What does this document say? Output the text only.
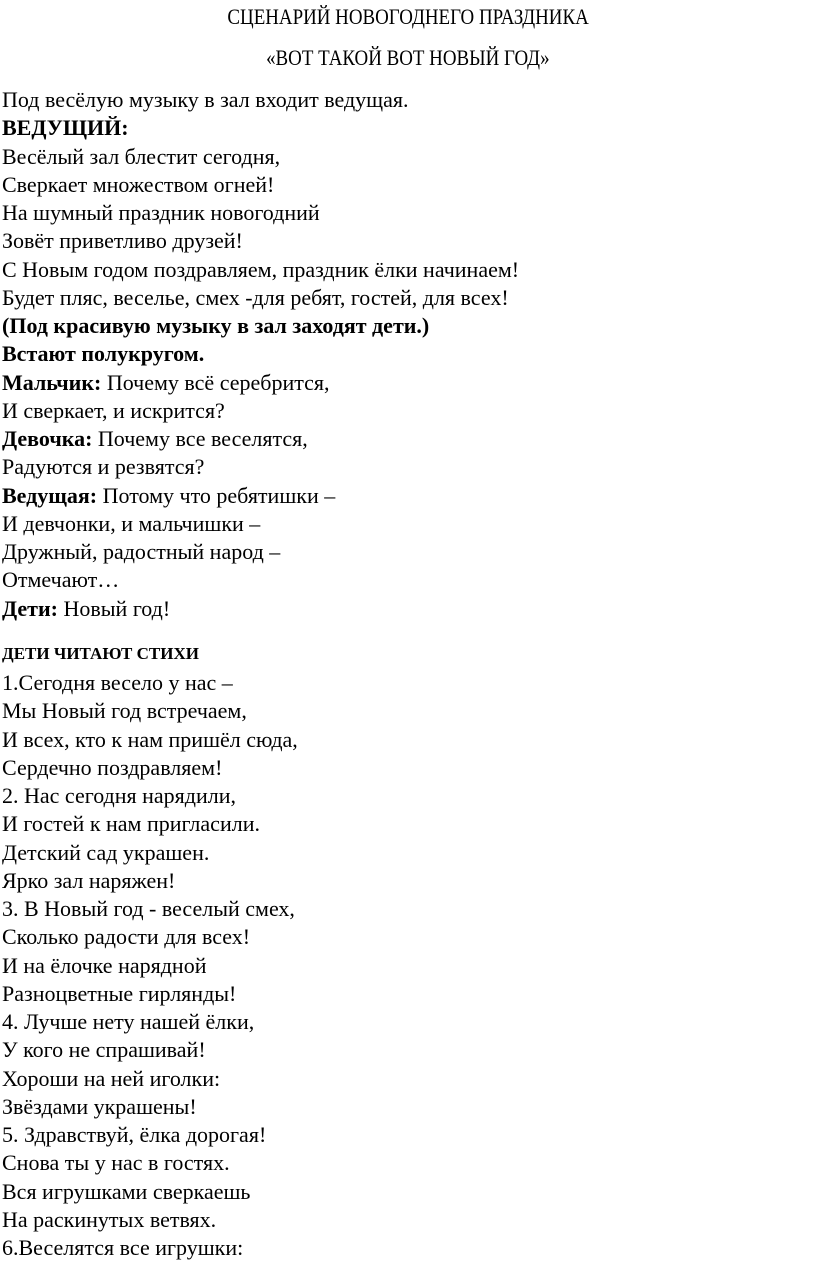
СЦЕНАРИЙ НОВОГОДНЕГО ПРАЗДНИКА
«ВОТ ТАКОЙ ВОТ НОВЫЙ ГОД»
Под весёлую музыку в зал входит ведущая.
ВЕДУЩИЙ:
Весёлый зал блестит сегодня,
Сверкает множеством огней!
На шумный праздник новогодний
Зовёт приветливо друзей!
С Новым годом поздравляем, праздник ёлки начинаем!
Будет пляс, веселье, смех -для ребят, гостей, для всех!
(Под красивую музыку в зал заходят дети.)
Встают полукругом.
Мальчик: Почему всё серебрится,
И сверкает, и искрится?
Девочка: Почему все веселятся,
Радуются и резвятся?
Ведущая: Потому что ребятишки –
И девчонки, и мальчишки –
Дружный, радостный народ –
Отмечают…
Дети: Новый год!
ДЕТИ ЧИТАЮТ СТИХИ
1.Сегодня весело у нас –
Мы Новый год встречаем,
И всех, кто к нам пришёл сюда,
Сердечно поздравляем!
2. Нас сегодня нарядили,
И гостей к нам пригласили.
Детский сад украшен.
Ярко зал наряжен!
3. В Новый год - веселый смех,
Сколько радости для всех!
И на ёлочке нарядной
Разноцветные гирлянды!
4. Лучше нету нашей ёлки,
У кого не спрашивай!
Хороши на ней иголки:
Звёздами украшены!
5. Здравствуй, ёлка дорогая!
Снова ты у нас в гостях.
Вся игрушками сверкаешь
На раскинутых ветвях.
6.Веселятся все игрушки:
